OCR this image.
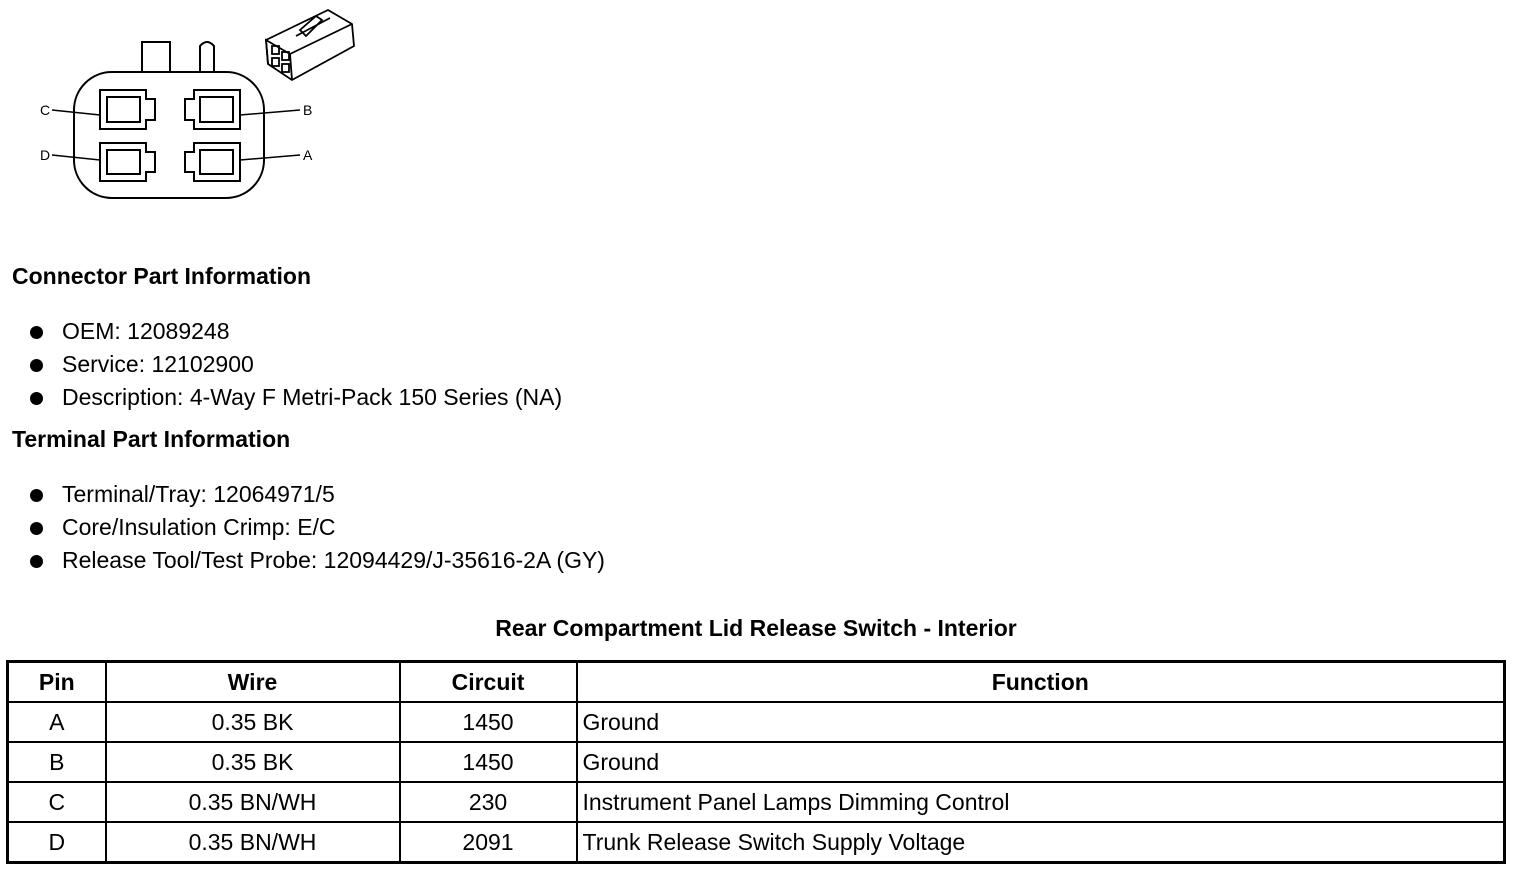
C	B
D	A
Connector Part Information
OEM: 12089248
Service: 12102900
Description: 4-Way F Metri-Pack 150 Series (NA)
Terminal Part Information
Terminal/Tray: 12064971/5
Core/Insulation Crimp: E/C
Release Tool/Test Probe: 12094429/J-35616-2A (GY)
Rear Compartment Lid Release Switch - Interior
Pin	Wire	Circuit	Function
A	0.35 BK	1450	Ground
B	0.35 BK	1450	Ground
C	0.35 BN/WH	230	Instrument Panel Lamps Dimming Control
D	0.35 BN/WH	2091	Trunk Release Switch Supply Voltage
